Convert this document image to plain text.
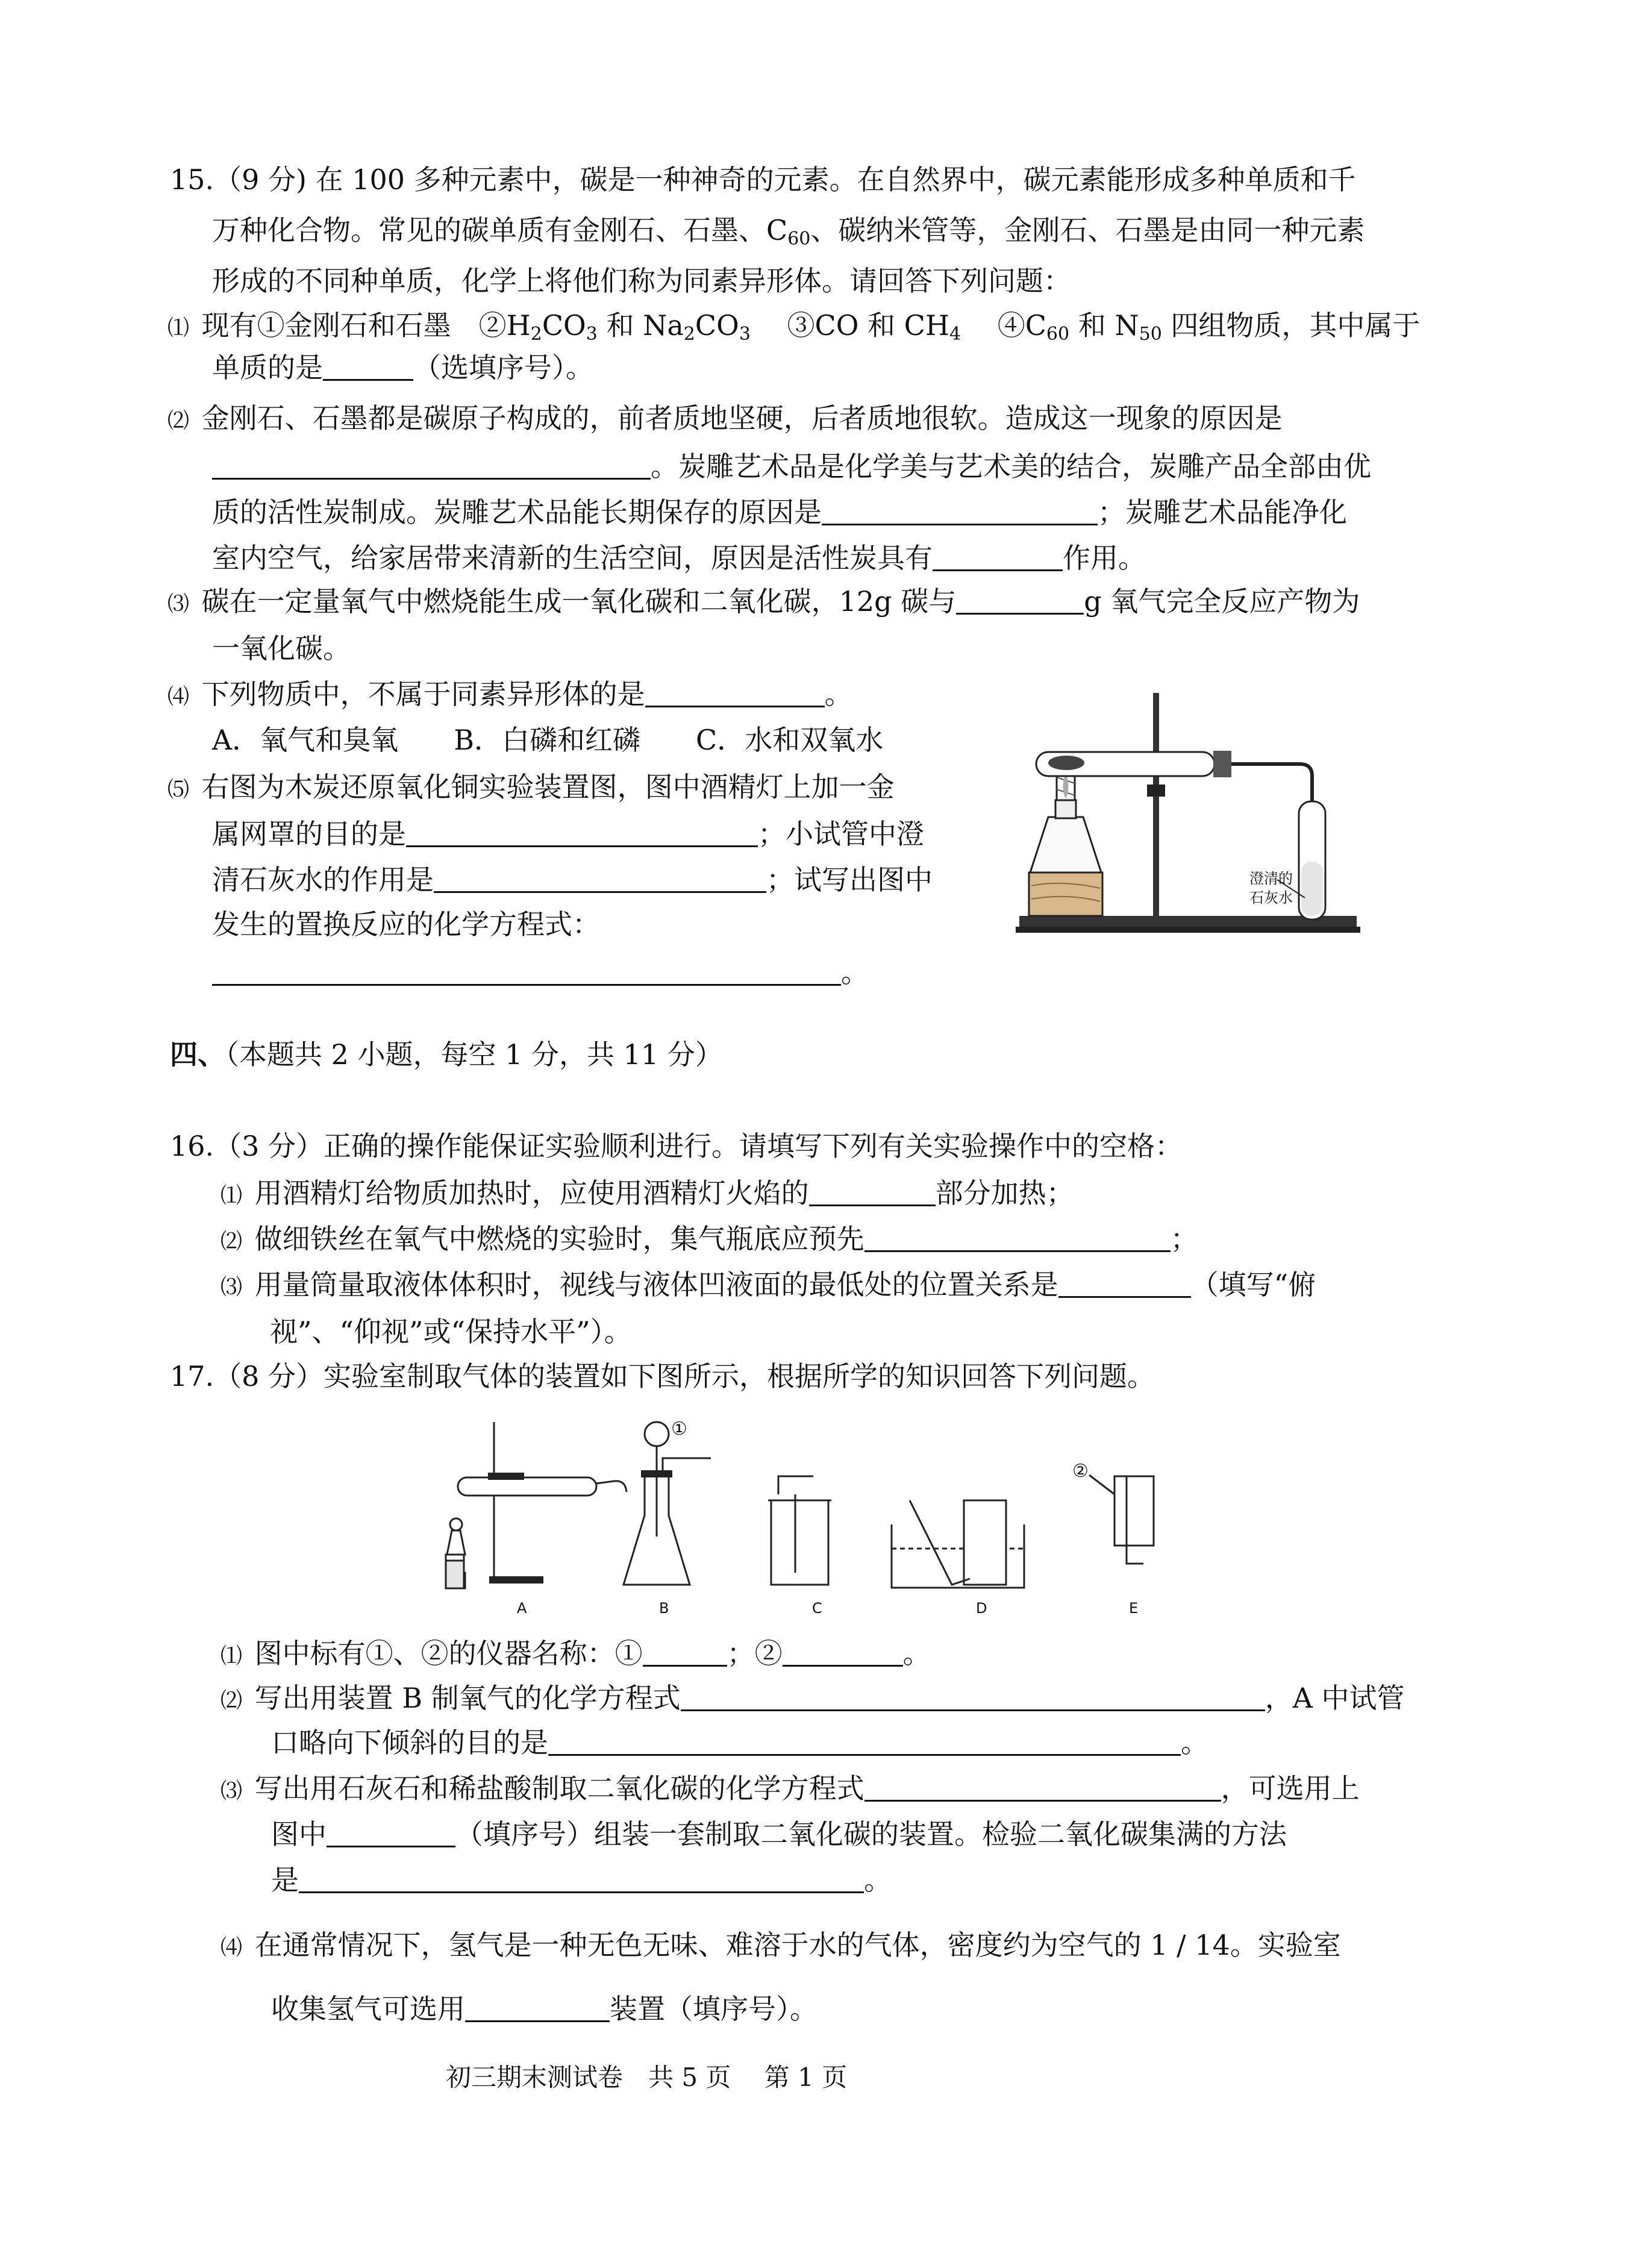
15.（9 分) 在 100 多种元素中，碳是一种神奇的元素。在自然界中，碳元素能形成多种单质和千
万种化合物。常见的碳单质有金刚石、石墨、$C_{60}$、碳纳米管等，金刚石、石墨是由同一种元素
形成的不同种单质，化学上将他们称为同素异形体。请回答下列问题：
⑴ 现有①金刚石和石墨　$②H_2CO_3$ 和 $Na_2CO_3$ 　③CO 和 $CH_4$ 　$④C_{60}$ 和 $N_{50}$ 四组物质，其中属于
单质的是	（选填序号）。
⑵ 金刚石、石墨都是碳原子构成的，前者质地坚硬，后者质地很软。造成这一现象的原因是
。炭雕艺术品是化学美与艺术美的结合，炭雕产品全部由优
质的活性炭制成。炭雕艺术品能长期保存的原因是	；炭雕艺术品能净化
室内空气，给家居带来清新的生活空间，原因是活性炭具有	作用。
⑶ 碳在一定量氧气中燃烧能生成一氧化碳和二氧化碳，12g 碳与	g 氧气完全反应产物为
一氧化碳。
⑷ 下列物质中，不属于同素异形体的是	。
A．氧气和臭氧　　B．白磷和红磷　　C．水和双氧水
⑸ 右图为木炭还原氧化铜实验装置图，图中酒精灯上加一金
属网罩的目的是	；小试管中澄
清石灰水的作用是	；试写出图中
发生的置换反应的化学方程式：
。
澄清的
石灰水
四、（本题共 2 小题，每空 1 分，共 11 分）
16.（3 分）正确的操作能保证实验顺利进行。请填写下列有关实验操作中的空格：
⑴ 用酒精灯给物质加热时，应使用酒精灯火焰的	部分加热；
⑵ 做细铁丝在氧气中燃烧的实验时，集气瓶底应预先	；
⑶ 用量筒量取液体体积时，视线与液体凹液面的最低处的位置关系是	（填写“俯
视”、“仰视”或“保持水平”）。
17.（8 分）实验室制取气体的装置如下图所示，根据所学的知识回答下列问题。
A	B	C	D	E
①
②
⑴ 图中标有①、②的仪器名称：①	；②	。
⑵ 写出用装置 B 制氧气的化学方程式	，A 中试管
口略向下倾斜的目的是	。
⑶ 写出用石灰石和稀盐酸制取二氧化碳的化学方程式	，可选用上
图中	（填序号）组装一套制取二氧化碳的装置。检验二氧化碳集满的方法
是	。
⑷ 在通常情况下，氢气是一种无色无味、难溶于水的气体，密度约为空气的 1 / 14。实验室
收集氢气可选用	装置（填序号）。
初三期末测试卷　共 5 页　 第 1 页
